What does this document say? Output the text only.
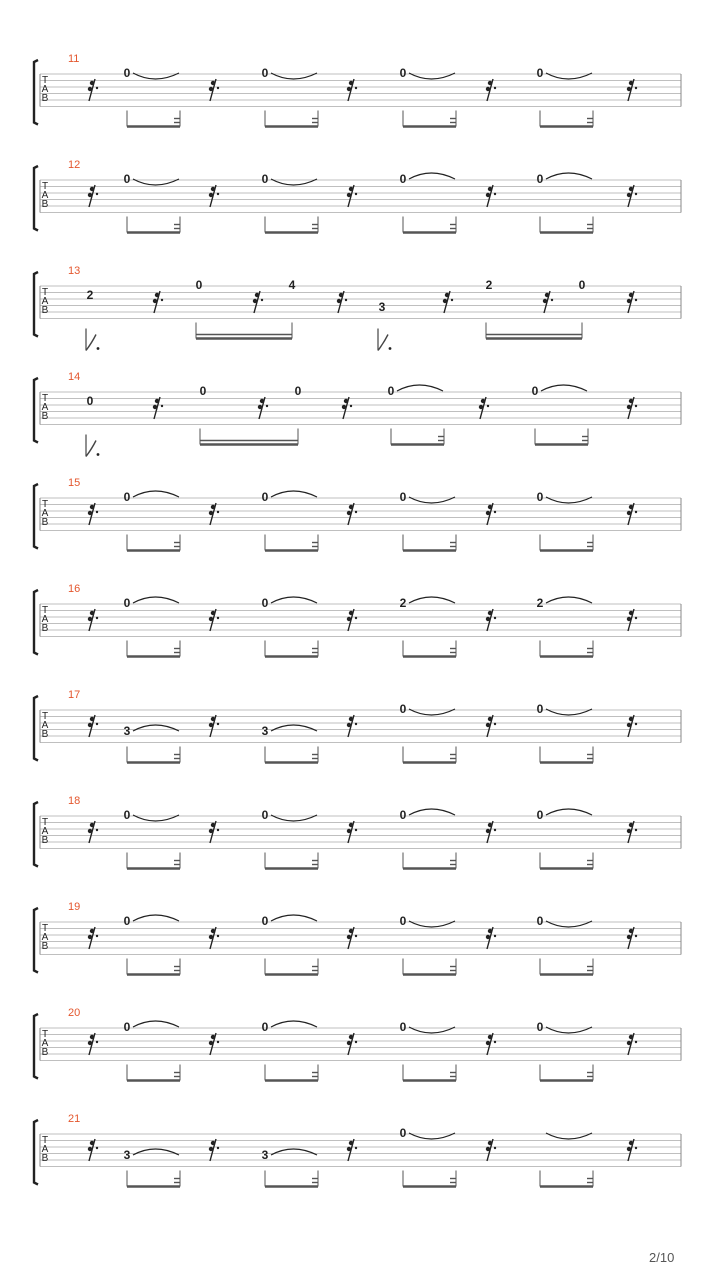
T
A
B
11
0	0	0	0
T
A
B
12
0	0	0	0
T
A
B
13
2
0	4
3
2	0
T
A
B
14
0
0	0	0	0
T
A
B
15
0	0	0	0
T
A
B
16
0	0	2	2
T
A
B
17
3	3
0	0
T
A
B
18
0	0	0	0
T
A
B
19
0	0	0	0
T
A
B
20
0	0	0	0
T
A
B
21
3	3
0
2/10
